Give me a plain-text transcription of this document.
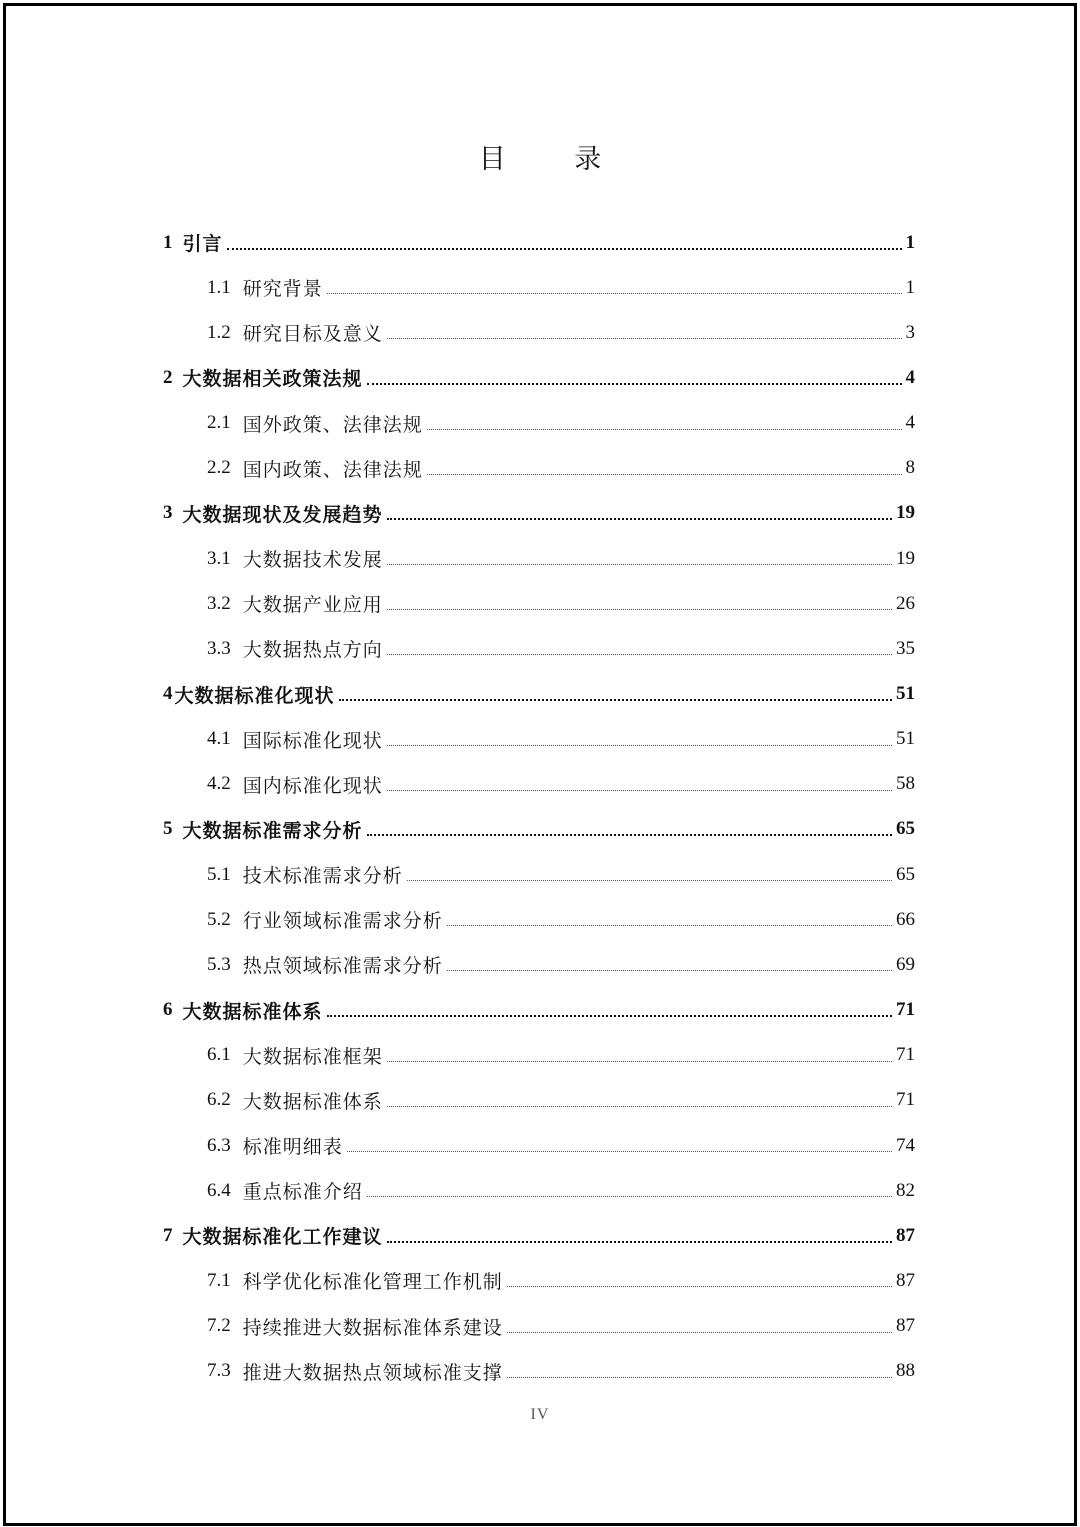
目 录
1 引言	1
1.1 研究背景	1
1.2 研究目标及意义	3
2 大数据相关政策法规	4
2.1 国外政策、法律法规	4
2.2 国内政策、法律法规	8
3 大数据现状及发展趋势	19
3.1 大数据技术发展	19
3.2 大数据产业应用	26
3.3 大数据热点方向	35
4 大数据标准化现状	51
4.1 国际标准化现状	51
4.2 国内标准化现状	58
5 大数据标准需求分析	65
5.1 技术标准需求分析	65
5.2 行业领域标准需求分析	66
5.3 热点领域标准需求分析	69
6 大数据标准体系	71
6.1 大数据标准框架	71
6.2 大数据标准体系	71
6.3 标准明细表	74
6.4 重点标准介绍	82
7 大数据标准化工作建议	87
7.1 科学优化标准化管理工作机制	87
7.2 持续推进大数据标准体系建设	87
7.3 推进大数据热点领域标准支撑	88
IV
